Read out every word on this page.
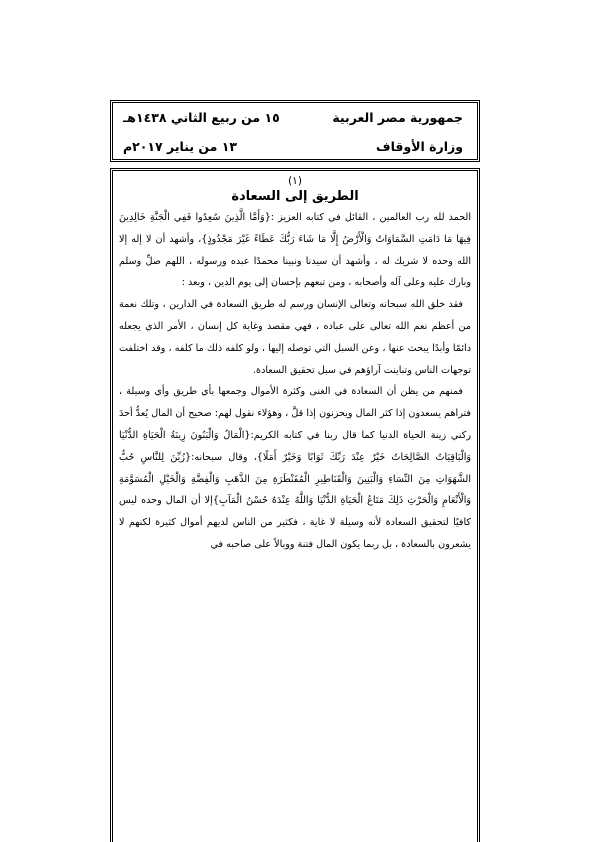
جمهورية مصر العربية
١٥ من ربيع الثاني ١٤٣٨هـ
وزارة الأوقاف
١٣ من يناير ٢٠١٧م
(١)
الطريق إلى السعادة

الحمد لله رب العالمين ، القائل في كتابه العزيز :{وَأَمَّا الَّذِينَ سُعِدُوا فَفِي الْجَنَّةِ خَالِدِينَ فِيهَا مَا دَامَتِ السَّمَاوَاتُ وَالْأَرْضُ إِلَّا مَا شَاءَ رَبُّكَ عَطَاءً غَيْرَ مَجْذُوذٍ}، وأشهد أن لا إله إلا الله وحده لا شريك له ، وأشهد أن سيدنا ونبينا محمدًا عبده ورسوله ، اللهم صلِّ وسلم وبارك عليه وعلى آله وأصحابه ، ومن تبعهم بإحسان إلى يوم الدين ، وبعد :

فقد خلق الله سبحانه وتعالى الإنسان ورسم له طريق السعادة في الدارين ، وتلك نعمة من أعظم نعم الله تعالى على عباده ، فهي مقصد وغاية كل إنسان ، الأمر الذي يجعله دائمًا وأبدًا يبحث عنها ، وعن السبل التي توصله إليها ، ولو كلفه ذلك ما كلفه ، وقد اختلفت توجهات الناس وتباينت آراؤهم في سبل تحقيق السعادة.

فمنهم من يظن أن السعادة في الغنى وكثرة الأموال وجمعها بأي طريق وأي وسيلة ، فتراهم يسعدون إذا كثر المال ويحزنون إذا قلَّ ، وهؤلاء نقول لهم: صحيح أن المال يُعدُّ أحدَ ركني زينة الحياة الدنيا كما قال ربنا في كتابه الكريم:{الْمَالُ وَالْبَنُونَ زِينَةُ الْحَيَاةِ الدُّنْيَا وَالْبَاقِيَاتُ الصَّالِحَاتُ خَيْرٌ عِنْدَ رَبِّكَ ثَوَابًا وَخَيْرٌ أَمَلًا}، وقال سبحانه:{زُيِّنَ لِلنَّاسِ حُبُّ الشَّهَوَاتِ مِنَ النِّسَاءِ وَالْبَنِينَ وَالْقَنَاطِيرِ الْمُقَنْطَرَةِ مِنَ الذَّهَبِ وَالْفِضَّةِ وَالْخَيْلِ الْمُسَوَّمَةِ وَالْأَنْعَامِ وَالْحَرْثِ ذَلِكَ مَتَاعُ الْحَيَاةِ الدُّنْيَا وَاللَّهُ عِنْدَهُ حُسْنُ الْمَآبِ}إلا أن المال وحده ليس كافيًا لتحقيق السعادة لأنه وسيلة لا غاية ، فكثير من الناس لديهم أموال كثيرة لكنهم لا يشعرون بالسعادة ، بل ربما يكون المال فتنة ووبالاً على صاحبه في
